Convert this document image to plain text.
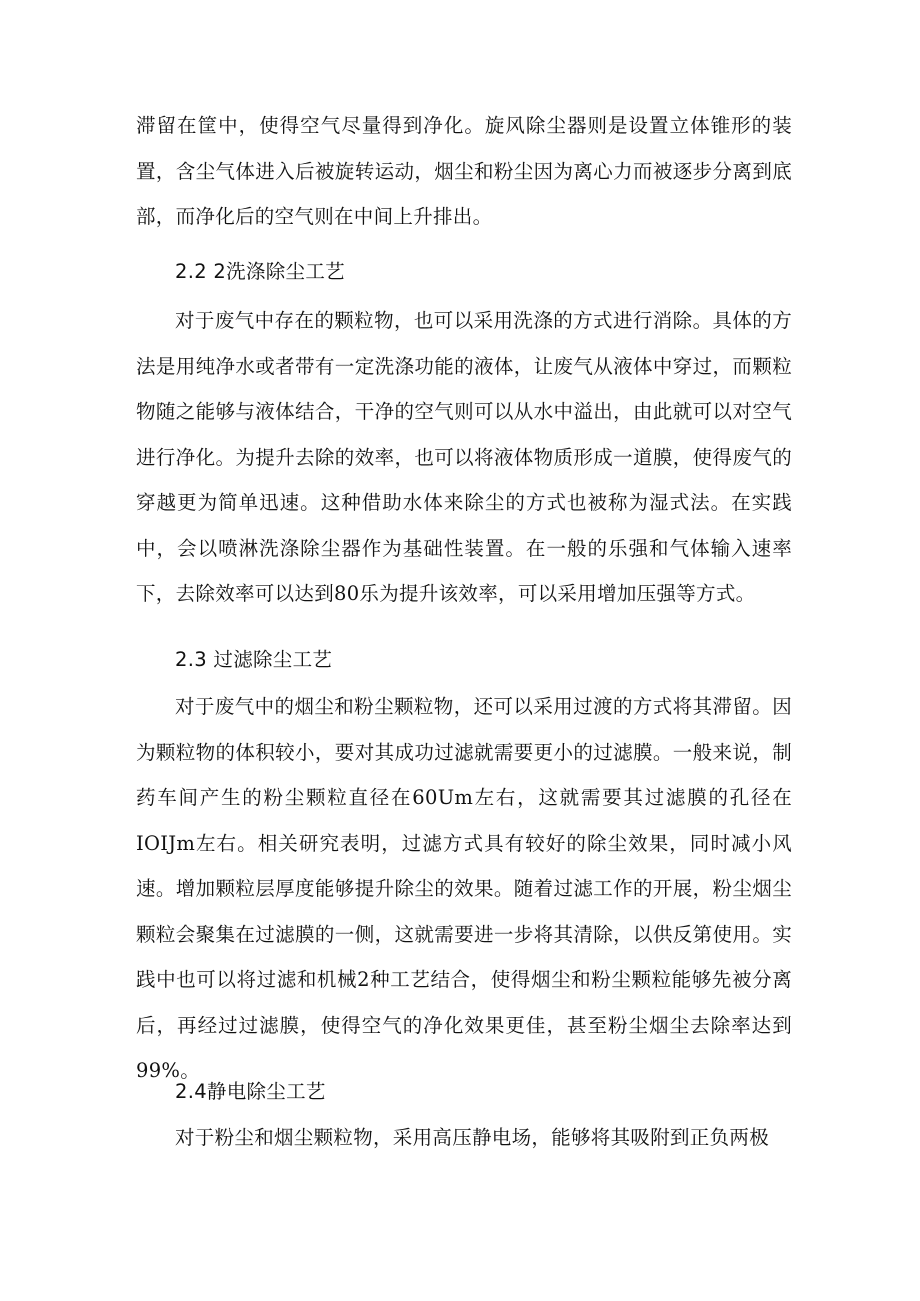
滞留在筐中，使得空气尽量得到净化。旋风除尘器则是设置立体锥形的装置，含尘气体进入后被旋转运动，烟尘和粉尘因为离心力而被逐步分离到底部，而净化后的空气则在中间上升排出。

2.2 2洗涤除尘工艺

对于废气中存在的颗粒物，也可以采用洗涤的方式进行消除。具体的方法是用纯净水或者带有一定洗涤功能的液体，让废气从液体中穿过，而颗粒物随之能够与液体结合，干净的空气则可以从水中溢出，由此就可以对空气进行净化。为提升去除的效率，也可以将液体物质形成一道膜，使得废气的穿越更为简单迅速。这种借助水体来除尘的方式也被称为湿式法。在实践中，会以喷淋洗涤除尘器作为基础性装置。在一般的乐强和气体输入速率下，去除效率可以达到80乐为提升该效率，可以采用增加压强等方式。

2.3 过滤除尘工艺

对于废气中的烟尘和粉尘颗粒物，还可以采用过渡的方式将其滞留。因为颗粒物的体积较小，要对其成功过滤就需要更小的过滤膜。一般来说，制药车间产生的粉尘颗粒直径在60Um左右，这就需要其过滤膜的孔径在IOIJm左右。相关研究表明，过滤方式具有较好的除尘效果，同时减小风速。增加颗粒层厚度能够提升除尘的效果。随着过滤工作的开展，粉尘烟尘颗粒会聚集在过滤膜的一侧，这就需要进一步将其清除，以供反第使用。实践中也可以将过滤和机械2种工艺结合，使得烟尘和粉尘颗粒能够先被分离后，再经过过滤膜，使得空气的净化效果更佳，甚至粉尘烟尘去除率达到99%。

2.4静电除尘工艺

对于粉尘和烟尘颗粒物，采用高压静电场，能够将其吸附到正负两极
